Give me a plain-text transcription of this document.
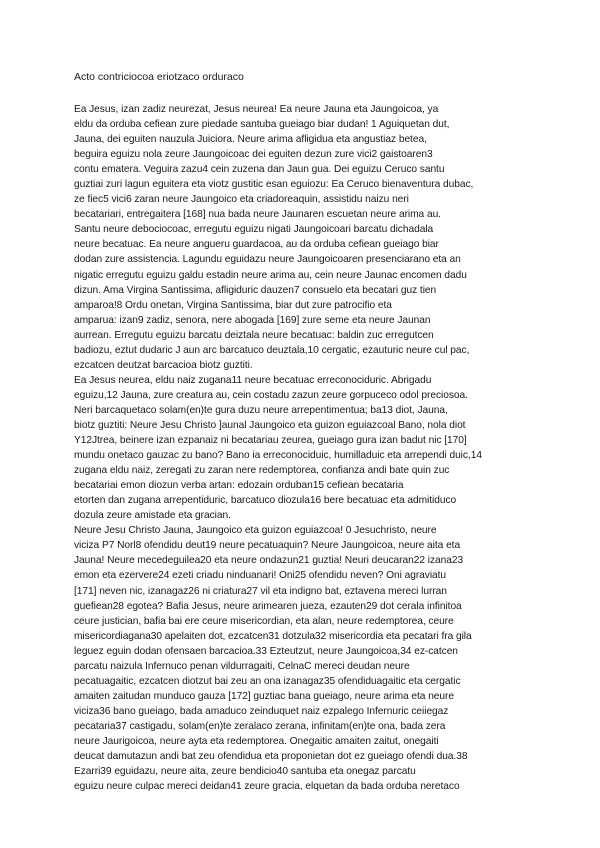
Acto contriciocoa eriotzaco orduraco
Ea Jesus, izan zadiz neurezat, Jesus neurea! Ea neure Jauna eta Jaungoicoa, ya
eldu da orduba cefiean zure piedade santuba gueiago biar dudan! 1 Aguiquetan dut,
Jauna, dei eguiten nauzula Juiciora. Neure arima afligidua eta angustiaz betea,
beguira eguizu nola zeure Jaungoicoac dei eguiten dezun zure vici2 gaistoaren3
contu ematera. Veguira zazu4 cein zuzena dan Jaun gua. Dei eguizu Ceruco santu
guztiai zuri lagun eguitera eta viotz gustitic esan eguiozu: Ea Ceruco bienaventura dubac,
ze fiec5 vici6 zaran neure Jaungoico eta criadoreaquin, assistidu naizu neri
becatariari, entregaitera [168] nua bada neure Jaunaren escuetan neure arima au.
Santu neure debociocoac, erregutu eguizu nigati Jaungoicoari barcatu dichadala
neure becatuac. Ea neure angueru guardacoa, au da orduba cefiean gueiago biar
dodan zure assistencia. Lagundu eguidazu neure Jaungoicoaren presenciarano eta an
nigatic erregutu eguizu galdu estadin neure arima au, cein neure Jaunac encomen dadu
dizun. Ama Virgina Santissima, afligiduric dauzen7 consuelo eta becatari guz tien
amparoa!8 Ordu onetan, Virgina Santissima, biar dut zure patrocifio eta
amparua: izan9 zadiz, senora, nere abogada [169] zure seme eta neure Jaunan
aurrean. Erregutu eguizu barcatu deiztala neure becatuac: baldin zuc erregutcen
badiozu, eztut dudaric J aun arc barcatuco deuztala,10 cergatic, ezauturic neure cul pac,
ezcatcen deutzat barcacioa biotz guztiti.
Ea Jesus neurea, eldu naiz zugana11 neure becatuac erreconociduric. Abrigadu
eguizu,12 Jauna, zure creatura au, cein costadu zazun zeure gorpuceco odol preciosoa.
Neri barcaquetaco solam(en)te gura duzu neure arrepentimentua; ba13 diot, Jauna,
biotz guztiti: Neure Jesu Christo ]aunal Jaungoico eta guizon eguiazcoal Bano, nola diot
Y12Jtrea, beinere izan ezpanaiz ni becatariau zeurea, gueiago gura izan badut nic [170]
mundu onetaco gauzac zu bano? Bano ia erreconociduic, humilladuic eta arrependi duic,14
zugana eldu naiz, zeregati zu zaran nere redemptorea, confianza andi bate quin zuc
becatariai emon diozun verba artan: edozain orduban15 cefiean becataria
etorten dan zugana arrepentiduric, barcatuco diozula16 bere becatuac eta admitiduco
dozula zeure amistade eta gracian.
Neure Jesu Christo Jauna, Jaungoico eta guizon eguiazcoa! 0 Jesuchristo, neure
viciza P7 Norl8 ofendidu deut19 neure pecatuaquin? Neure Jaungoicoa, neure aita eta
Jauna! Neure mecedeguilea20 eta neure ondazun21 guztia! Neuri deucaran22 izana23
emon eta ezervere24 ezeti criadu ninduanari! Oni25 ofendidu neven? Oni agraviatu
[171] neven nic, izanagaz26 ni criatura27 vil eta indigno bat, eztavena mereci lurran
guefiean28 egotea? Bafia Jesus, neure arimearen jueza, ezauten29 dot cerala infinitoa
ceure justician, bafia bai ere ceure misericordian, eta alan, neure redemptorea, ceure
misericordiagana30 apelaiten dot, ezcatcen31 dotzula32 misericordia eta pecatari fra gila
leguez eguin dodan ofensaen barcacioa.33 Ezteutzut, neure Jaungoicoa,34 ez-catcen
parcatu naizula Infernuco penan vildurragaiti, CelnaC mereci deudan neure
pecatuagaitic, ezcatcen diotzut bai zeu an ona izanagaz35 ofendiduagaitic eta cergatic
amaiten zaitudan munduco gauza [172] guztiac bana gueiago, neure arima eta neure
viciza36 bano gueiago, bada amaduco zeinduquet naiz ezpalego Infernuric ceiiegaz
pecataria37 castigadu, solam(en)te zeralaco zerana, infinitam(en)te ona, bada zera
neure Jaurigoicoa, neure ayta eta redemptorea. Onegaitic amaiten zaitut, onegaiti
deucat damutazun andi bat zeu ofendidua eta proponietan dot ez gueiago ofendi dua.38
Ezarri39 eguidazu, neure aita, zeure bendicio40 santuba eta onegaz parcatu
eguizu neure culpac mereci deidan41 zeure gracia, elquetan da bada orduba neretaco
